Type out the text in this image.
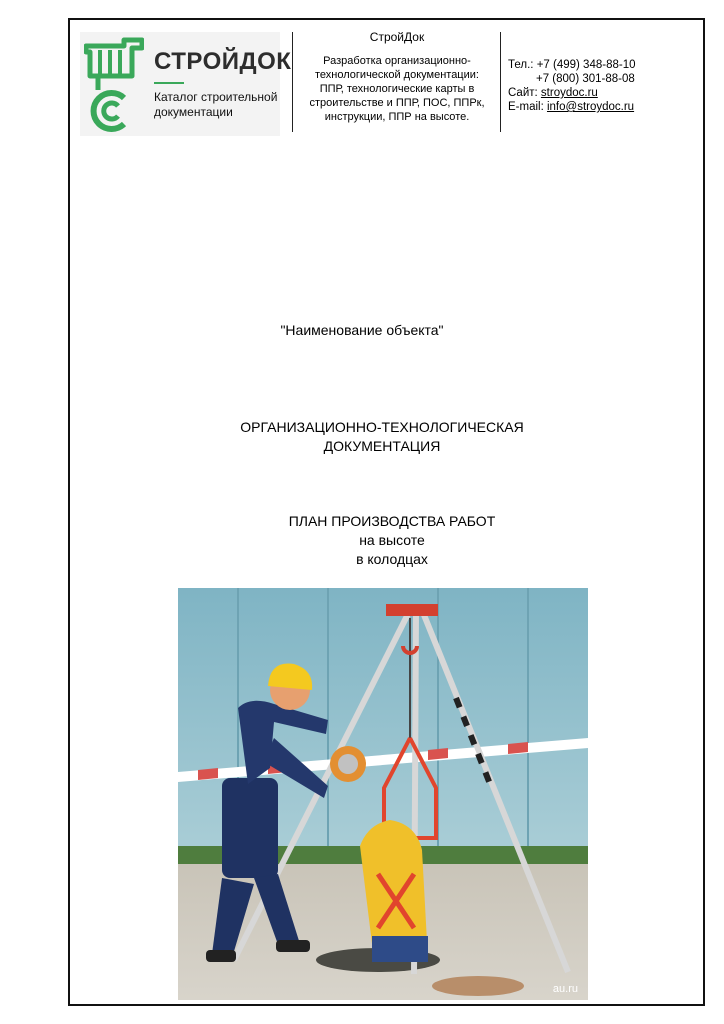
СТРОЙДОК
Каталог строительной документации
СтройДок
Разработка организационно-технологической документации: ППР, технологические карты в строительстве и ППР, ПОС, ППРк, инструкции, ППР на высоте.
Тел.: +7 (499) 348-88-10
+7 (800) 301-88-08
Сайт: stroydoc.ru
E-mail: info@stroydoc.ru
"Наименование объекта"
ОРГАНИЗАЦИОННО-ТЕХНОЛОГИЧЕСКАЯ
ДОКУМЕНТАЦИЯ
ПЛАН ПРОИЗВОДСТВА РАБОТ
на высоте
в колодцах
au.ru
